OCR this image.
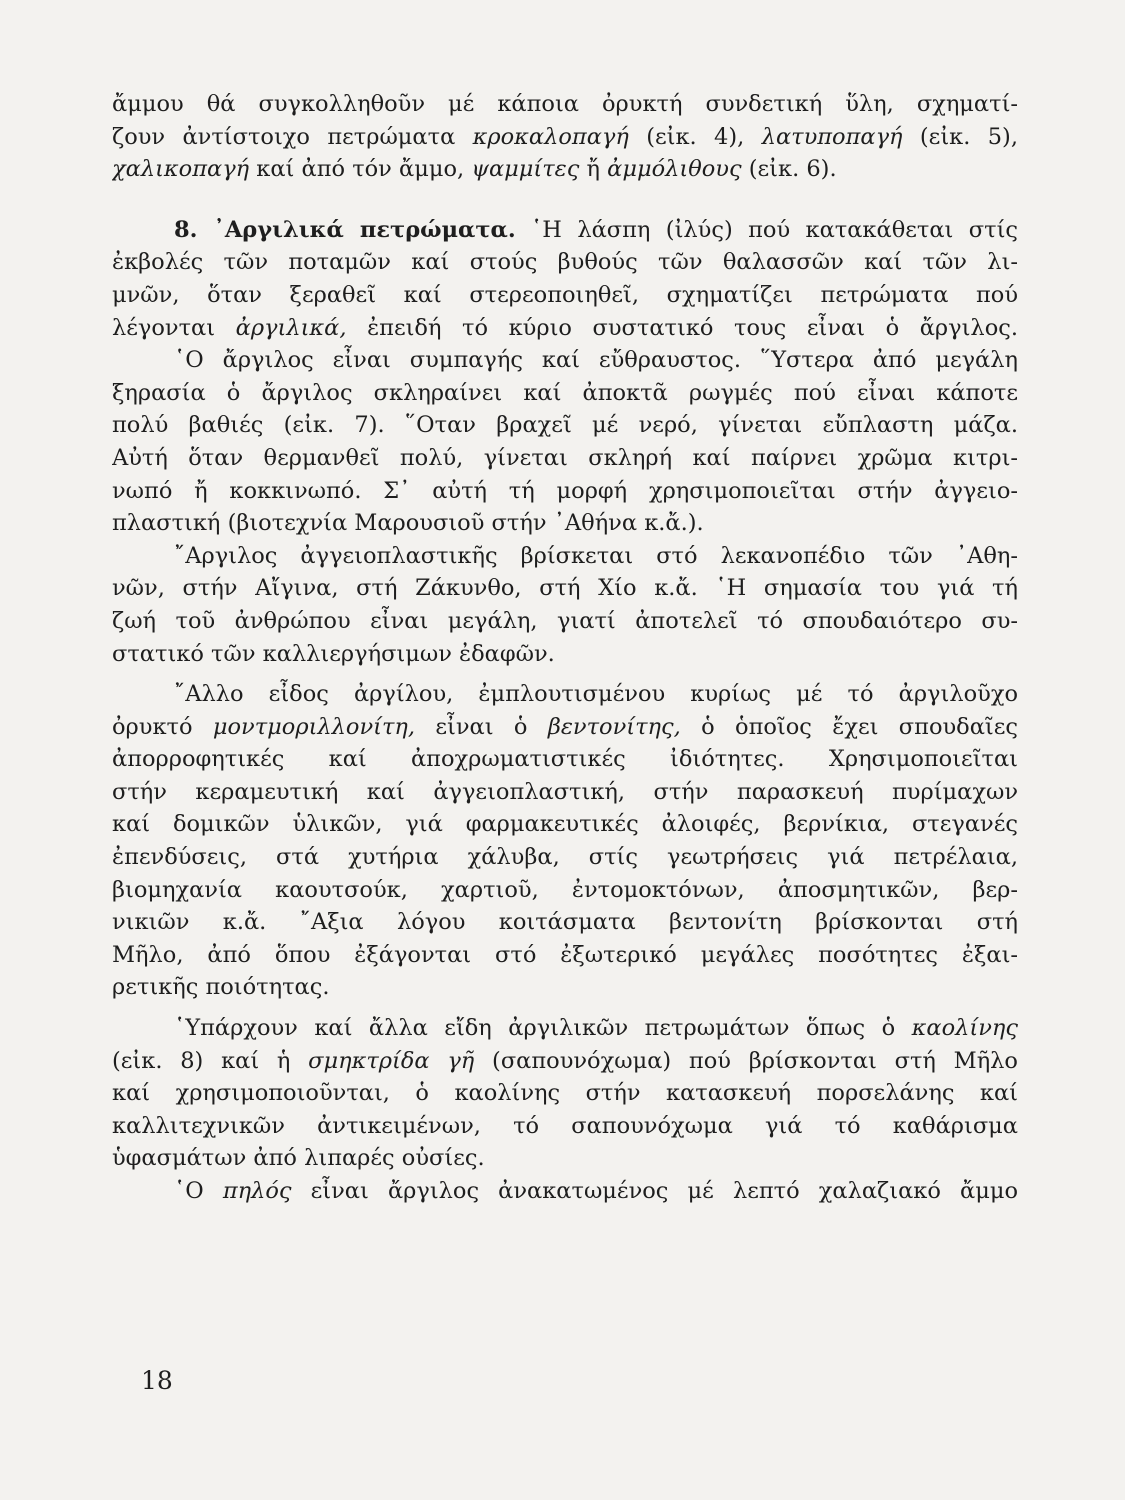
ἄμμου θά συγκολληθοῦν μέ κάποια ὀρυκτή συνδετική ὕλη, σχηματί-
ζουν ἀντίστοιχο πετρώματα κροκαλοπαγή (εἰκ. 4), λατυποπαγή (εἰκ. 5),
χαλικοπαγή καί ἀπό τόν ἄμμο, ψαμμίτες ἤ ἀμμόλιθους (εἰκ. 6).
8. ᾿Αργιλικά πετρώματα. ῾Η λάσπη (ἰλύς) πού κατακάθεται στίς
ἐκβολές τῶν ποταμῶν καί στούς βυθούς τῶν θαλασσῶν καί τῶν λι-
μνῶν, ὅταν ξεραθεῖ καί στερεοποιηθεῖ, σχηματίζει πετρώματα πού
λέγονται ἀργιλικά, ἐπειδή τό κύριο συστατικό τους εἶναι ὁ ἄργιλος.
῾Ο ἄργιλος εἶναι συμπαγής καί εὔθραυστος. ῞Υστερα ἀπό μεγάλη
ξηρασία ὁ ἄργιλος σκληραίνει καί ἀποκτᾶ ρωγμές πού εἶναι κάποτε
πολύ βαθιές (εἰκ. 7). ῞Οταν βραχεῖ μέ νερό, γίνεται εὔπλαστη μάζα.
Αὐτή ὅταν θερμανθεῖ πολύ, γίνεται σκληρή καί παίρνει χρῶμα κιτρι-
νωπό ἤ κοκκινωπό. Σ᾿ αὐτή τή μορφή χρησιμοποιεῖται στήν ἀγγειο-
πλαστική (βιοτεχνία Μαρουσιοῦ στήν ᾿Αθήνα κ.ἄ.).
῎Αργιλος ἀγγειοπλαστικῆς βρίσκεται στό λεκανοπέδιο τῶν ᾿Αθη-
νῶν, στήν Αἴγινα, στή Ζάκυνθο, στή Χίο κ.ἄ. ῾Η σημασία του γιά τή
ζωή τοῦ ἀνθρώπου εἶναι μεγάλη, γιατί ἀποτελεῖ τό σπουδαιότερο συ-
στατικό τῶν καλλιεργήσιμων ἐδαφῶν.
῎Αλλο εἶδος ἀργίλου, ἐμπλουτισμένου κυρίως μέ τό ἀργιλοῦχο
ὀρυκτό μοντμοριλλονίτη, εἶναι ὁ βεντονίτης, ὁ ὁποῖος ἔχει σπουδαῖες
ἀπορροφητικές καί ἀποχρωματιστικές ἰδιότητες. Χρησιμοποιεῖται
στήν κεραμευτική καί ἀγγειοπλαστική, στήν παρασκευή πυρίμαχων
καί δομικῶν ὑλικῶν, γιά φαρμακευτικές ἀλοιφές, βερνίκια, στεγανές
ἐπενδύσεις, στά χυτήρια χάλυβα, στίς γεωτρήσεις γιά πετρέλαια,
βιομηχανία καουτσούκ, χαρτιοῦ, ἐντομοκτόνων, ἀποσμητικῶν, βερ-
νικιῶν κ.ἄ. ῎Αξια λόγου κοιτάσματα βεντονίτη βρίσκονται στή
Μῆλο, ἀπό ὅπου ἐξάγονται στό ἐξωτερικό μεγάλες ποσότητες ἐξαι-
ρετικῆς ποιότητας.
῾Υπάρχουν καί ἄλλα εἴδη ἀργιλικῶν πετρωμάτων ὅπως ὁ καολίνης
(εἰκ. 8) καί ἡ σμηκτρίδα γῆ (σαπουνόχωμα) πού βρίσκονται στή Μῆλο
καί χρησιμοποιοῦνται, ὁ καολίνης στήν κατασκευή πορσελάνης καί
καλλιτεχνικῶν ἀντικειμένων, τό σαπουνόχωμα γιά τό καθάρισμα
ὑφασμάτων ἀπό λιπαρές οὐσίες.
῾Ο πηλός εἶναι ἄργιλος ἀνακατωμένος μέ λεπτό χαλαζιακό ἄμμο
18
